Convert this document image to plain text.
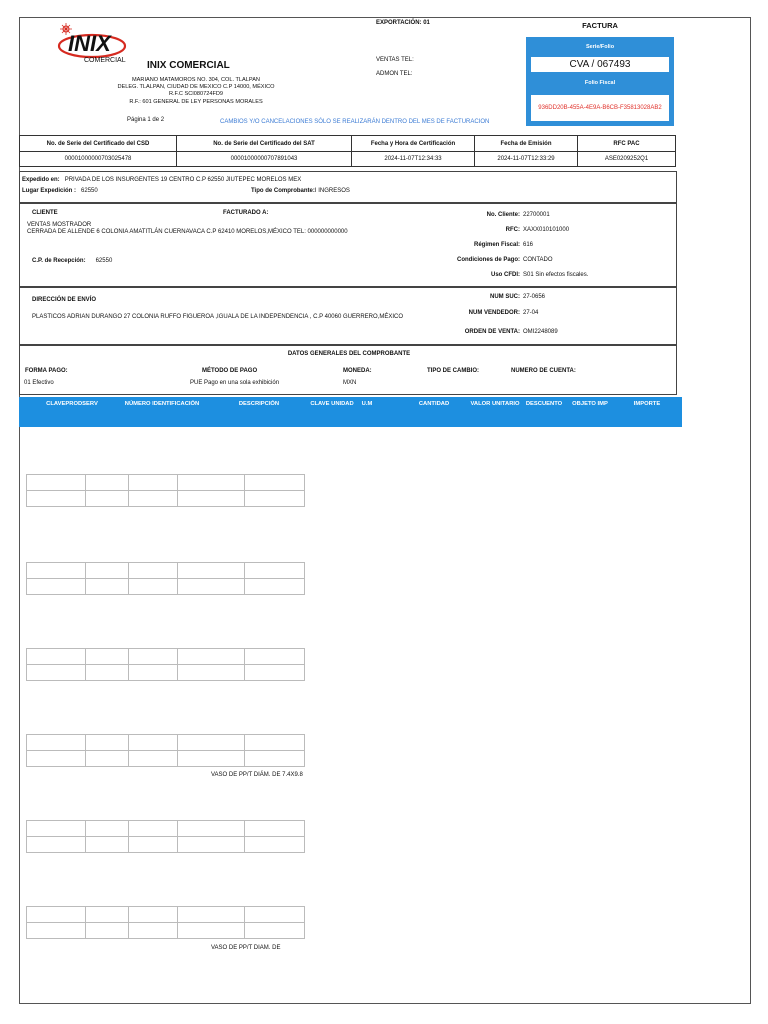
INIX
COMERCIAL INIX COMERCIAL
MARIANO MATAMOROS NO. 304, COL. TLALPAN
DELEG. TLALPAN, CIUDAD DE MEXICO C.P 14000, MÉXICO
R.F.C SCI080724FD9
R.F.: 601 GENERAL DE LEY PERSONAS MORALES
Página 1 de 2	CAMBIOS Y/O CANCELACIONES SÓLO SE REALIZARÁN DENTRO DEL MES DE FACTURACION
EXPORTACIÓN: 01
VENTAS TEL:
ADMON TEL:
FACTURA
Serie/Folio
CVA / 067493
Folio Fiscal
936DD20B-455A-4E9A-B6CB-F35813028AB2
No. de Serie del Certificado del CSD	No. de Serie del Certificado del SAT	Fecha y Hora de Certificación	Fecha de Emisión	RFC PAC
00001000000703025478	00001000000707891043	2024-11-07T12:34:33	2024-11-07T12:33:29	ASE0209252Q1
Expedido en: PRIVADA DE LOS INSURGENTES 19 CENTRO C.P 62550 JIUTEPEC MORELOS MEX
Lugar Expedición : 62550	Tipo de Comprobante:I INGRESOS
CLIENTE	FACTURADO A:
VENTAS MOSTRADOR
CERRADA DE ALLENDE 6 COLONIA AMATITLÁN CUERNAVACA C.P 62410 MORELOS,MÉXICO TEL: 000000000000
C.P. de Recepción: 62550
No. Cliente: 22700001
RFC: XAXX010101000
Régimen Fiscal: 616
Condiciones de Pago: CONTADO
Uso CFDI: S01 Sin efectos fiscales.
DIRECCIÓN DE ENVÍO
PLASTICOS ADRIAN DURANGO 27 COLONIA RUFFO FIGUEROA ,IGUALA DE LA INDEPENDENCIA , C.P 40060 GUERRERO,MÉXICO
NUM SUC: 27-0656
NUM VENDEDOR: 27-04
ORDEN DE VENTA: OMI2248089
DATOS GENERALES DEL COMPROBANTE
FORMA PAGO:
01 Efectivo
MÉTODO DE PAGO
PUE Pago en una sola exhibición
MONEDA:
MXN
TIPO DE CAMBIO:	NUMERO DE CUENTA:
CLAVEPRODSERV	NÚMERO IDENTIFICACIÓN	DESCRIPCIÓN	CLAVE UNIDAD	U.M	CANTIDAD	VALOR UNITARIO	DESCUENTO	OBJETO IMP	IMPORTE

VASO DE PP/T DIÁM. DE 7.4X9.8

VASO DE PP/T DIAM. DE
